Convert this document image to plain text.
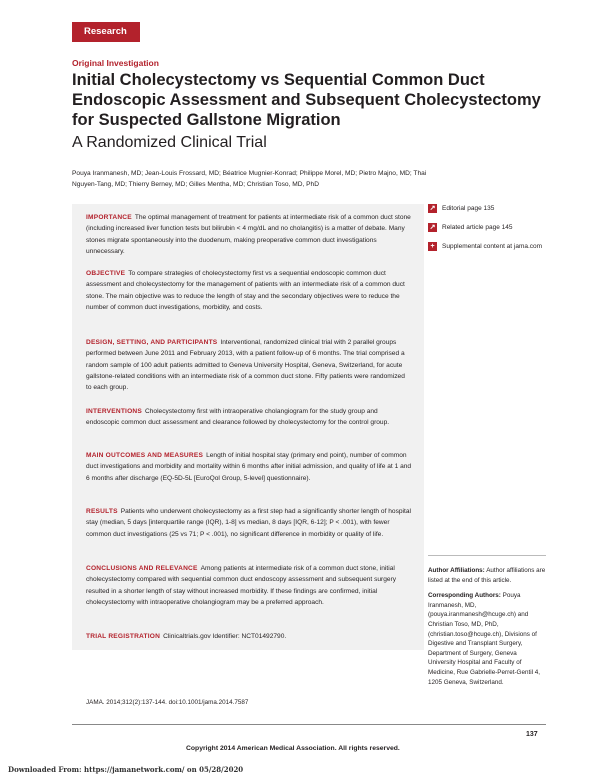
Research
Original Investigation
Initial Cholecystectomy vs Sequential Common Duct Endoscopic Assessment and Subsequent Cholecystectomy for Suspected Gallstone Migration
A Randomized Clinical Trial
Pouya Iranmanesh, MD; Jean-Louis Frossard, MD; Béatrice Mugnier-Konrad; Philippe Morel, MD; Pietro Majno, MD; Thai Nguyen-Tang, MD; Thierry Berney, MD; Gilles Mentha, MD; Christian Toso, MD, PhD
IMPORTANCE The optimal management of treatment for patients at intermediate risk of a common duct stone (including increased liver function tests but bilirubin < 4 mg/dL and no cholangitis) is a matter of debate. Many stones migrate spontaneously into the duodenum, making preoperative common duct investigations unnecessary.
OBJECTIVE To compare strategies of cholecystectomy first vs a sequential endoscopic common duct assessment and cholecystectomy for the management of patients with an intermediate risk of a common duct stone. The main objective was to reduce the length of stay and the secondary objectives were to reduce the number of common duct investigations, morbidity, and costs.
DESIGN, SETTING, AND PARTICIPANTS Interventional, randomized clinical trial with 2 parallel groups performed between June 2011 and February 2013, with a patient follow-up of 6 months. The trial comprised a random sample of 100 adult patients admitted to Geneva University Hospital, Geneva, Switzerland, for acute gallstone-related conditions with an intermediate risk of a common duct stone. Fifty patients were randomized to each group.
INTERVENTIONS Cholecystectomy first with intraoperative cholangiogram for the study group and endoscopic common duct assessment and clearance followed by cholecystectomy for the control group.
MAIN OUTCOMES AND MEASURES Length of initial hospital stay (primary end point), number of common duct investigations and morbidity and mortality within 6 months after initial admission, and quality of life at 1 and 6 months after discharge (EQ-5D-5L [EuroQol Group, 5-level] questionnaire).
RESULTS Patients who underwent cholecystectomy as a first step had a significantly shorter length of hospital stay (median, 5 days [interquartile range (IQR), 1-8] vs median, 8 days [IQR, 6-12]; P < .001), with fewer common duct investigations (25 vs 71; P < .001), no significant difference in morbidity or quality of life.
CONCLUSIONS AND RELEVANCE Among patients at intermediate risk of a common duct stone, initial cholecystectomy compared with sequential common duct endoscopy assessment and subsequent surgery resulted in a shorter length of stay without increased morbidity. If these findings are confirmed, initial cholecystectomy with intraoperative cholangiogram may be a preferred approach.
TRIAL REGISTRATION Clinicaltrials.gov Identifier: NCT01492790.
↗ Editorial page 135
↗ Related article page 145
+	Supplemental content at jama.com
Author Affiliations: Author affiliations are listed at the end of this article.
Corresponding Authors: Pouya Iranmanesh, MD, (pouya.iranmanesh@hcuge.ch) and Christian Toso, MD, PhD, (christian.toso@hcuge.ch), Divisions of Digestive and Transplant Surgery, Department of Surgery, Geneva University Hospital and Faculty of Medicine, Rue Gabrielle-Perret-Gentil 4, 1205 Geneva, Switzerland.
JAMA. 2014;312(2):137-144. doi:10.1001/jama.2014.7587
137
Copyright 2014 American Medical Association. All rights reserved.
Downloaded From: https://jamanetwork.com/ on 05/28/2020
